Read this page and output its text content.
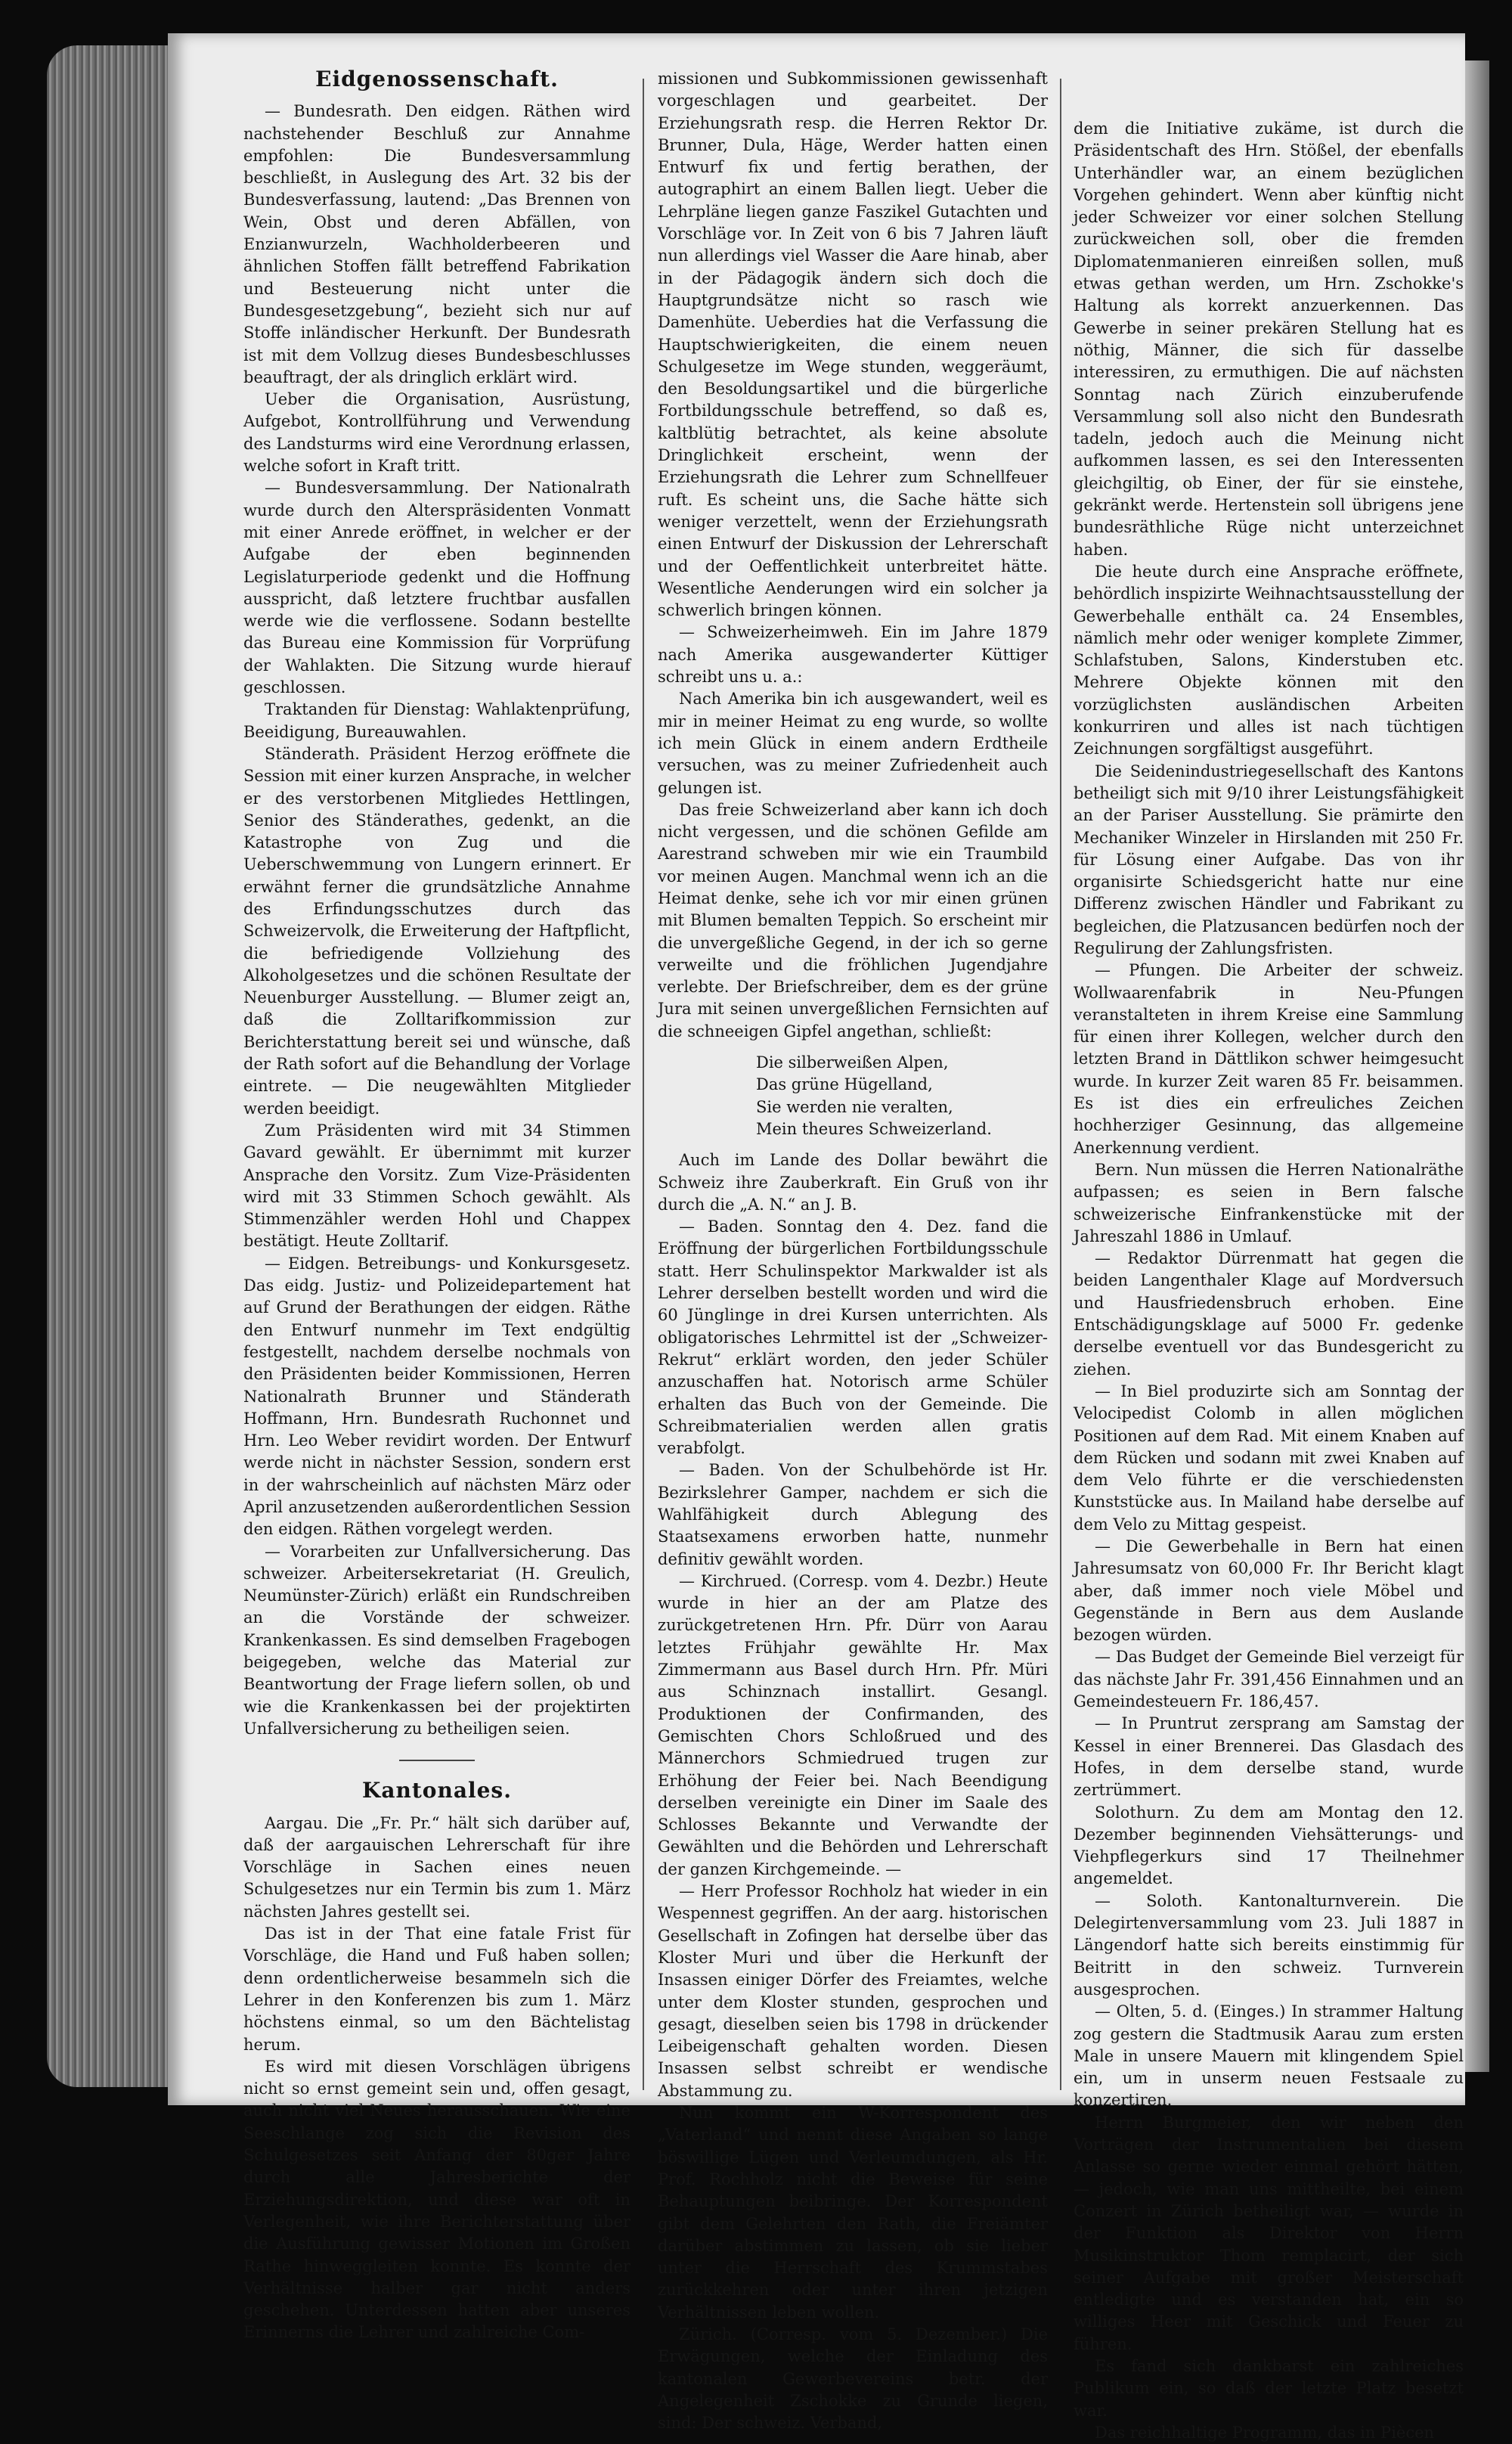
Eidgenossenschaft.

— Bundesrath. Den eidgen. Räthen wird nachstehender Beschluß zur Annahme empfohlen: Die Bundesversammlung beschließt, in Auslegung des Art. 32 bis der Bundesverfassung, lautend: „Das Brennen von Wein, Obst und deren Abfällen, von Enzianwurzeln, Wachholderbeeren und ähnlichen Stoffen fällt betreffend Fabrikation und Besteuerung nicht unter die Bundesgesetzgebung“, bezieht sich nur auf Stoffe inländischer Herkunft. Der Bundesrath ist mit dem Vollzug dieses Bundesbeschlusses beauftragt, der als dringlich erklärt wird.

Ueber die Organisation, Ausrüstung, Aufgebot, Kontrollführung und Verwendung des Landsturms wird eine Verordnung erlassen, welche sofort in Kraft tritt.

— Bundesversammlung. Der Nationalrath wurde durch den Alterspräsidenten Vonmatt mit einer Anrede eröffnet, in welcher er der Aufgabe der eben beginnenden Legislaturperiode gedenkt und die Hoffnung ausspricht, daß letztere fruchtbar ausfallen werde wie die verflossene. Sodann bestellte das Bureau eine Kommission für Vorprüfung der Wahlakten. Die Sitzung wurde hierauf geschlossen.

Traktanden für Dienstag: Wahlaktenprüfung, Beeidigung, Bureauwahlen.

Ständerath. Präsident Herzog eröffnete die Session mit einer kurzen Ansprache, in welcher er des verstorbenen Mitgliedes Hettlingen, Senior des Ständerathes, gedenkt, an die Katastrophe von Zug und die Ueberschwemmung von Lungern erinnert. Er erwähnt ferner die grundsätzliche Annahme des Erfindungsschutzes durch das Schweizervolk, die Erweiterung der Haftpflicht, die befriedigende Vollziehung des Alkoholgesetzes und die schönen Resultate der Neuenburger Ausstellung. — Blumer zeigt an, daß die Zolltarifkommission zur Berichterstattung bereit sei und wünsche, daß der Rath sofort auf die Behandlung der Vorlage eintrete. — Die neugewählten Mitglieder werden beeidigt.

Zum Präsidenten wird mit 34 Stimmen Gavard gewählt. Er übernimmt mit kurzer Ansprache den Vorsitz. Zum Vize-Präsidenten wird mit 33 Stimmen Schoch gewählt. Als Stimmenzähler werden Hohl und Chappex bestätigt. Heute Zolltarif.

— Eidgen. Betreibungs- und Konkursgesetz. Das eidg. Justiz- und Polizeidepartement hat auf Grund der Berathungen der eidgen. Räthe den Entwurf nunmehr im Text endgültig festgestellt, nachdem derselbe nochmals von den Präsidenten beider Kommissionen, Herren Nationalrath Brunner und Ständerath Hoffmann, Hrn. Bundesrath Ruchonnet und Hrn. Leo Weber revidirt worden. Der Entwurf werde nicht in nächster Session, sondern erst in der wahrscheinlich auf nächsten März oder April anzusetzenden außerordentlichen Session den eidgen. Räthen vorgelegt werden.

— Vorarbeiten zur Unfallversicherung. Das schweizer. Arbeitersekretariat (H. Greulich, Neumünster-Zürich) erläßt ein Rundschreiben an die Vorstände der schweizer. Krankenkassen. Es sind demselben Fragebogen beigegeben, welche das Material zur Beantwortung der Frage liefern sollen, ob und wie die Krankenkassen bei der projektirten Unfallversicherung zu betheiligen seien.

Kantonales.

Aargau. Die „Fr. Pr.“ hält sich darüber auf, daß der aargauischen Lehrerschaft für ihre Vorschläge in Sachen eines neuen Schulgesetzes nur ein Termin bis zum 1. März nächsten Jahres gestellt sei.

Das ist in der That eine fatale Frist für Vorschläge, die Hand und Fuß haben sollen; denn ordentlicherweise besammeln sich die Lehrer in den Konferenzen bis zum 1. März höchstens einmal, so um den Bächtelistag herum.

Es wird mit diesen Vorschlägen übrigens nicht so ernst gemeint sein und, offen gesagt, auch nicht viel Neues herausschauen. Wie eine Seeschlange zog sich die Revision des Schulgesetzes seit Anfang der 80ger Jahre durch alle Jahresberichte der Erziehungsdirektion, und diese war oft in Verlegenheit, wie ihre Berichterstattung über die Ausführung gewisser Motionen im Großen Rathe hinweggleiten konnte. Es konnte der Verhältnisse halber gar nicht anders geschehen. Unterdessen hatten aber unseres Erinnerns die Lehrer und zahlreiche Com-

missionen und Subkommissionen gewissenhaft vorgeschlagen und gearbeitet. Der Erziehungsrath resp. die Herren Rektor Dr. Brunner, Dula, Häge, Werder hatten einen Entwurf fix und fertig berathen, der autographirt an einem Ballen liegt. Ueber die Lehrpläne liegen ganze Faszikel Gutachten und Vorschläge vor. In Zeit von 6 bis 7 Jahren läuft nun allerdings viel Wasser die Aare hinab, aber in der Pädagogik ändern sich doch die Hauptgrundsätze nicht so rasch wie Damenhüte. Ueberdies hat die Verfassung die Hauptschwierigkeiten, die einem neuen Schulgesetze im Wege stunden, weggeräumt, den Besoldungsartikel und die bürgerliche Fortbildungsschule betreffend, so daß es, kaltblütig betrachtet, als keine absolute Dringlichkeit erscheint, wenn der Erziehungsrath die Lehrer zum Schnellfeuer ruft. Es scheint uns, die Sache hätte sich weniger verzettelt, wenn der Erziehungsrath einen Entwurf der Diskussion der Lehrerschaft und der Oeffentlichkeit unterbreitet hätte. Wesentliche Aenderungen wird ein solcher ja schwerlich bringen können.

— Schweizerheimweh. Ein im Jahre 1879 nach Amerika ausgewanderter Küttiger schreibt uns u. a.:

Nach Amerika bin ich ausgewandert, weil es mir in meiner Heimat zu eng wurde, so wollte ich mein Glück in einem andern Erdtheile versuchen, was zu meiner Zufriedenheit auch gelungen ist.

Das freie Schweizerland aber kann ich doch nicht vergessen, und die schönen Gefilde am Aarestrand schweben mir wie ein Traumbild vor meinen Augen. Manchmal wenn ich an die Heimat denke, sehe ich vor mir einen grünen mit Blumen bemalten Teppich. So erscheint mir die unvergeßliche Gegend, in der ich so gerne verweilte und die fröhlichen Jugendjahre verlebte. Der Briefschreiber, dem es der grüne Jura mit seinen unvergeßlichen Fernsichten auf die schneeigen Gipfel angethan, schließt:

Die silberweißen Alpen,
Das grüne Hügelland,
Sie werden nie veralten,
Mein theures Schweizerland.

Auch im Lande des Dollar bewährt die Schweiz ihre Zauberkraft. Ein Gruß von ihr durch die „A. N.“ an J. B.

— Baden. Sonntag den 4. Dez. fand die Eröffnung der bürgerlichen Fortbildungsschule statt. Herr Schulinspektor Markwalder ist als Lehrer derselben bestellt worden und wird die 60 Jünglinge in drei Kursen unterrichten. Als obligatorisches Lehrmittel ist der „Schweizer-Rekrut“ erklärt worden, den jeder Schüler anzuschaffen hat. Notorisch arme Schüler erhalten das Buch von der Gemeinde. Die Schreibmaterialien werden allen gratis verabfolgt.

— Baden. Von der Schulbehörde ist Hr. Bezirkslehrer Gamper, nachdem er sich die Wahlfähigkeit durch Ablegung des Staatsexamens erworben hatte, nunmehr definitiv gewählt worden.

— Kirchrued. (Corresp. vom 4. Dezbr.) Heute wurde in hier an der am Platze des zurückgetretenen Hrn. Pfr. Dürr von Aarau letztes Frühjahr gewählte Hr. Max Zimmermann aus Basel durch Hrn. Pfr. Müri aus Schinznach installirt. Gesangl. Produktionen der Confirmanden, des Gemischten Chors Schloßrued und des Männerchors Schmiedrued trugen zur Erhöhung der Feier bei. Nach Beendigung derselben vereinigte ein Diner im Saale des Schlosses Bekannte und Verwandte der Gewählten und die Behörden und Lehrerschaft der ganzen Kirchgemeinde. —

— Herr Professor Rochholz hat wieder in ein Wespennest gegriffen. An der aarg. historischen Gesellschaft in Zofingen hat derselbe über das Kloster Muri und über die Herkunft der Insassen einiger Dörfer des Freiamtes, welche unter dem Kloster stunden, gesprochen und gesagt, dieselben seien bis 1798 in drückender Leibeigenschaft gehalten worden. Diesen Insassen selbst schreibt er wendische Abstammung zu.

Nun kommt ein W-Korrespondent des „Vaterland“ und nennt diese Angaben so lange böswillige Lügen und Verleumdungen, als Hr. Prof. Rochholz nicht die Beweise für seine Behauptungen beibringe. Der Korrespondent gibt dem Gelehrten den Rath, die Freiämter darüber abstimmen zu lassen, ob sie lieber unter die Herrschaft des Krummstabes zurückkehren oder unter ihren jetzigen Verhältnissen leben wollen.

Zürich. (Corresp. vom 5. Dezember.) Die Erwägungen, welche der Einladung des kantonalen Gewerbevereins betr. der Angelegenheit Zschokke zu Grunde liegen, sind: Der schweiz. Verband,

dem die Initiative zukäme, ist durch die Präsidentschaft des Hrn. Stößel, der ebenfalls Unterhändler war, an einem bezüglichen Vorgehen gehindert. Wenn aber künftig nicht jeder Schweizer vor einer solchen Stellung zurückweichen soll, ober die fremden Diplomatenmanieren einreißen sollen, muß etwas gethan werden, um Hrn. Zschokke's Haltung als korrekt anzuerkennen. Das Gewerbe in seiner prekären Stellung hat es nöthig, Männer, die sich für dasselbe interessiren, zu ermuthigen. Die auf nächsten Sonntag nach Zürich einzuberufende Versammlung soll also nicht den Bundesrath tadeln, jedoch auch die Meinung nicht aufkommen lassen, es sei den Interessenten gleichgiltig, ob Einer, der für sie einstehe, gekränkt werde. Hertenstein soll übrigens jene bundesräthliche Rüge nicht unterzeichnet haben.

Die heute durch eine Ansprache eröffnete, behördlich inspizirte Weihnachtsausstellung der Gewerbehalle enthält ca. 24 Ensembles, nämlich mehr oder weniger komplete Zimmer, Schlafstuben, Salons, Kinderstuben etc. Mehrere Objekte können mit den vorzüglichsten ausländischen Arbeiten konkurriren und alles ist nach tüchtigen Zeichnungen sorgfältigst ausgeführt.

Die Seidenindustriegesellschaft des Kantons betheiligt sich mit 9/10 ihrer Leistungsfähigkeit an der Pariser Ausstellung. Sie prämirte den Mechaniker Winzeler in Hirslanden mit 250 Fr. für Lösung einer Aufgabe. Das von ihr organisirte Schiedsgericht hatte nur eine Differenz zwischen Händler und Fabrikant zu begleichen, die Platzusancen bedürfen noch der Regulirung der Zahlungsfristen.

— Pfungen. Die Arbeiter der schweiz. Wollwaarenfabrik in Neu-Pfungen veranstalteten in ihrem Kreise eine Sammlung für einen ihrer Kollegen, welcher durch den letzten Brand in Dättlikon schwer heimgesucht wurde. In kurzer Zeit waren 85 Fr. beisammen. Es ist dies ein erfreuliches Zeichen hochherziger Gesinnung, das allgemeine Anerkennung verdient.

Bern. Nun müssen die Herren Nationalräthe aufpassen; es seien in Bern falsche schweizerische Einfrankenstücke mit der Jahreszahl 1886 in Umlauf.

— Redaktor Dürrenmatt hat gegen die beiden Langenthaler Klage auf Mordversuch und Hausfriedensbruch erhoben. Eine Entschädigungsklage auf 5000 Fr. gedenke derselbe eventuell vor das Bundesgericht zu ziehen.

— In Biel produzirte sich am Sonntag der Velocipedist Colomb in allen möglichen Positionen auf dem Rad. Mit einem Knaben auf dem Rücken und sodann mit zwei Knaben auf dem Velo führte er die verschiedensten Kunststücke aus. In Mailand habe derselbe auf dem Velo zu Mittag gespeist.

— Die Gewerbehalle in Bern hat einen Jahresumsatz von 60,000 Fr. Ihr Bericht klagt aber, daß immer noch viele Möbel und Gegenstände in Bern aus dem Auslande bezogen würden.

— Das Budget der Gemeinde Biel verzeigt für das nächste Jahr Fr. 391,456 Einnahmen und an Gemeindesteuern Fr. 186,457.

— In Pruntrut zersprang am Samstag der Kessel in einer Brennerei. Das Glasdach des Hofes, in dem derselbe stand, wurde zertrümmert.

Solothurn. Zu dem am Montag den 12. Dezember beginnenden Viehsätterungs- und Viehpflegerkurs sind 17 Theilnehmer angemeldet.

— Soloth. Kantonalturnverein. Die Delegirtenversammlung vom 23. Juli 1887 in Längendorf hatte sich bereits einstimmig für Beitritt in den schweiz. Turnverein ausgesprochen.

— Olten, 5. d. (Einges.) In strammer Haltung zog gestern die Stadtmusik Aarau zum ersten Male in unsere Mauern mit klingendem Spiel ein, um in unserm neuen Festsaale zu konzertiren.

Herrn Burgmeier, den wir neben den Vorträgen der Instrumentalien bei diesem Anlasse so gerne wieder einmal gehört hätten, — jedoch, wie man uns mittheilte, bei einem Conzert in Zürich betheiligt war, — wurde in der Funktion als Direktor von Herrn Musikinstruktor Thom remplacirt, der sich seiner Aufgabe mit großer Meisterschaft entledigte und es verstanden hat, ein so williges Heer mit Geschick und Feuer zu führen.

Es fand sich dankbarst ein zahlreiches Publikum ein, so daß der letzte Platz besetzt war.

Das reichhaltige Programm, das in Piècen
